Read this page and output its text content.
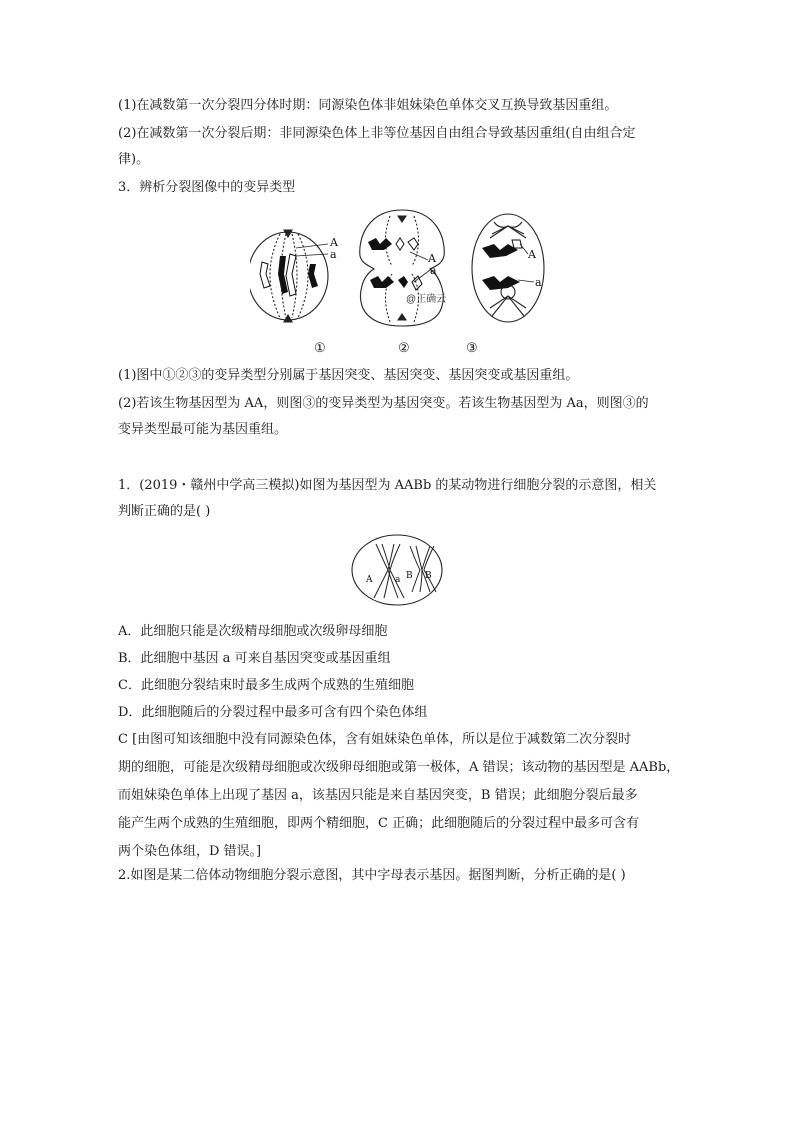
(1)在减数第一次分裂四分体时期：同源染色体非姐妹染色单体交叉互换导致基因重组。
(2)在减数第一次分裂后期：非同源染色体上非等位基因自由组合导致基因重组(自由组合定
律)。
3．辨析分裂图像中的变异类型
A
a	A
a
A
a
@正确云
①	②	③
(1)图中①②③的变异类型分别属于基因突变、基因突变、基因突变或基因重组。
(2)若该生物基因型为 AA，则图③的变异类型为基因突变。若该生物基因型为 Aa，则图③的
变异类型最可能为基因重组。
1．(2019・赣州中学高三模拟)如图为基因型为 AABb 的某动物进行细胞分裂的示意图，相关
判断正确的是( )
A	a B B
A．此细胞只能是次级精母细胞或次级卵母细胞
B．此细胞中基因 a 可来自基因突变或基因重组
C．此细胞分裂结束时最多生成两个成熟的生殖细胞
D．此细胞随后的分裂过程中最多可含有四个染色体组
C [由图可知该细胞中没有同源染色体，含有姐妹染色单体，所以是位于减数第二次分裂时
期的细胞，可能是次级精母细胞或次级卵母细胞或第一极体，A 错误；该动物的基因型是 AABb，
而姐妹染色单体上出现了基因 a，该基因只能是来自基因突变，B 错误；此细胞分裂后最多
能产生两个成熟的生殖细胞，即两个精细胞，C 正确；此细胞随后的分裂过程中最多可含有
两个染色体组，D 错误。]
2.如图是某二倍体动物细胞分裂示意图，其中字母表示基因。据图判断，分析正确的是( )
